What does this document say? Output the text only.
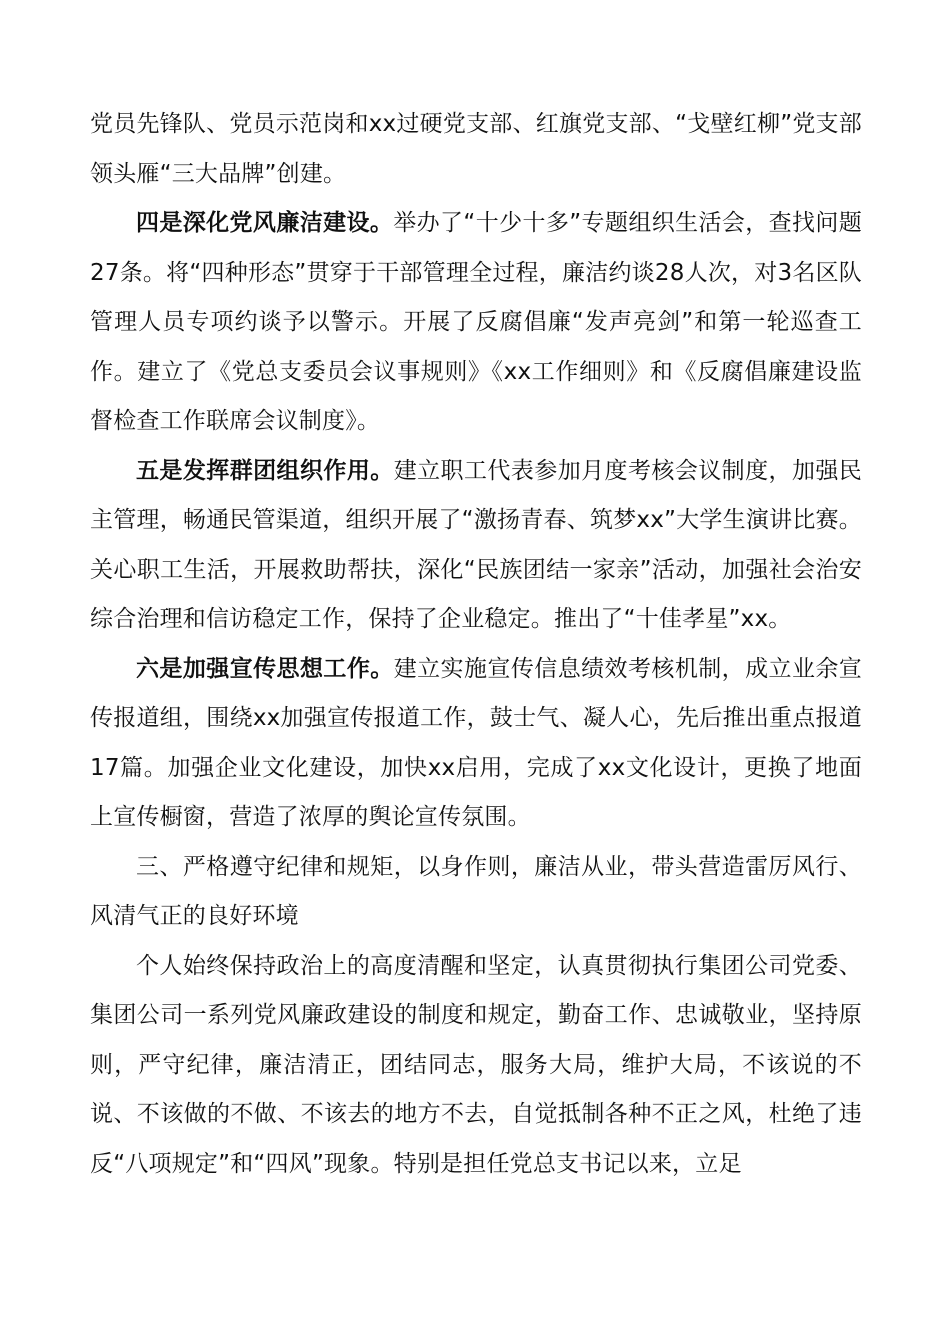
党员先锋队、党员示范岗和xx过硬党支部、红旗党支部、“戈壁红柳”党支部领头雁“三大品牌”创建。

四是深化党风廉洁建设。举办了“十少十多”专题组织生活会，查找问题27条。将“四种形态”贯穿于干部管理全过程，廉洁约谈28人次，对3名区队管理人员专项约谈予以警示。开展了反腐倡廉“发声亮剑”和第一轮巡查工作。建立了《党总支委员会议事规则》《xx工作细则》和《反腐倡廉建设监督检查工作联席会议制度》。

五是发挥群团组织作用。建立职工代表参加月度考核会议制度，加强民主管理，畅通民管渠道，组织开展了“激扬青春、筑梦xx”大学生演讲比赛。关心职工生活，开展救助帮扶，深化“民族团结一家亲”活动，加强社会治安综合治理和信访稳定工作，保持了企业稳定。推出了“十佳孝星”xx。

六是加强宣传思想工作。建立实施宣传信息绩效考核机制，成立业余宣传报道组，围绕xx加强宣传报道工作，鼓士气、凝人心，先后推出重点报道17篇。加强企业文化建设，加快xx启用，完成了xx文化设计，更换了地面上宣传橱窗，营造了浓厚的舆论宣传氛围。

三、严格遵守纪律和规矩，以身作则，廉洁从业，带头营造雷厉风行、风清气正的良好环境

个人始终保持政治上的高度清醒和坚定，认真贯彻执行集团公司党委、集团公司一系列党风廉政建设的制度和规定，勤奋工作、忠诚敬业，坚持原则，严守纪律，廉洁清正，团结同志，服务大局，维护大局，不该说的不说、不该做的不做、不该去的地方不去，自觉抵制各种不正之风，杜绝了违反“八项规定”和“四风”现象。特别是担任党总支书记以来，立足
